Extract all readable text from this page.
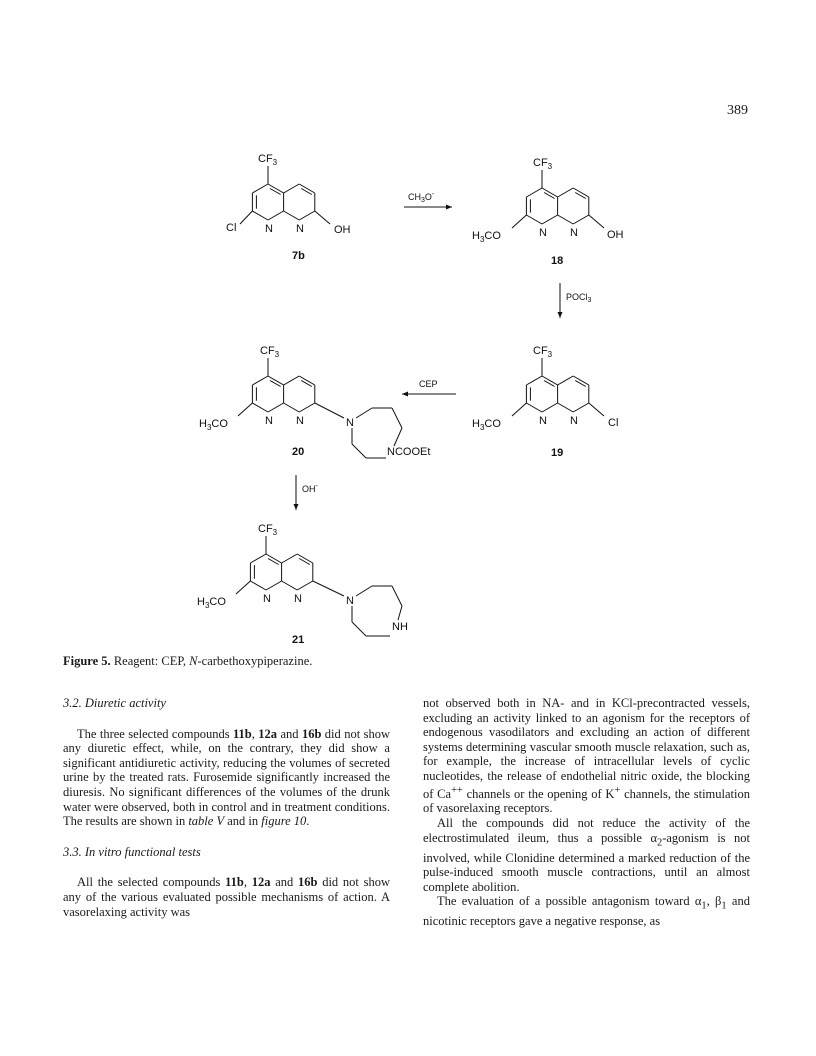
389
$CF_3$
Cl	N N	OH
7b
$CH_3O^-$
$CF_3$
$H_3CO$	N N	OH
18
POCl$_3$
$CF_3$
$H_3CO$	N N	Cl
19
CEP
$CF_3$
$H_3CO$	N N	N
NCOOEt
20
OH-
$CF_3$
$H_3CO$	N N	N
NH
21
Figure 5. Reagent: CEP, N-carbethoxypiperazine.

3.2. Diuretic activity

The three selected compounds 11b, 12a and 16b did not show any diuretic effect, while, on the contrary, they did show a significant antidiuretic activity, reducing the volumes of secreted urine by the treated rats. Furosemide significantly increased the diuresis. No significant differences of the volumes of the drunk water were observed, both in control and in treatment conditions. The results are shown in table V and in figure 10.

3.3. In vitro functional tests

All the selected compounds 11b, 12a and 16b did not show any of the various evaluated possible mechanisms of action. A vasorelaxing activity was

not observed both in NA- and in KCl-precontracted vessels, excluding an activity linked to an agonism for the receptors of endogenous vasodilators and excluding an action of different systems determining vascular smooth muscle relaxation, such as, for example, the increase of intracellular levels of cyclic nucleotides, the release of endothelial nitric oxide, the blocking of Ca++ channels or the opening of K+ channels, the stimulation of vasorelaxing receptors.

All the compounds did not reduce the activity of the electrostimulated ileum, thus a possible $\alpha_2$-agonism is not involved, while Clonidine determined a marked reduction of the pulse-induced smooth muscle contractions, until an almost complete abolition.

The evaluation of a possible antagonism toward $\alpha_1$, $\beta_1$ and nicotinic receptors gave a negative response, as
